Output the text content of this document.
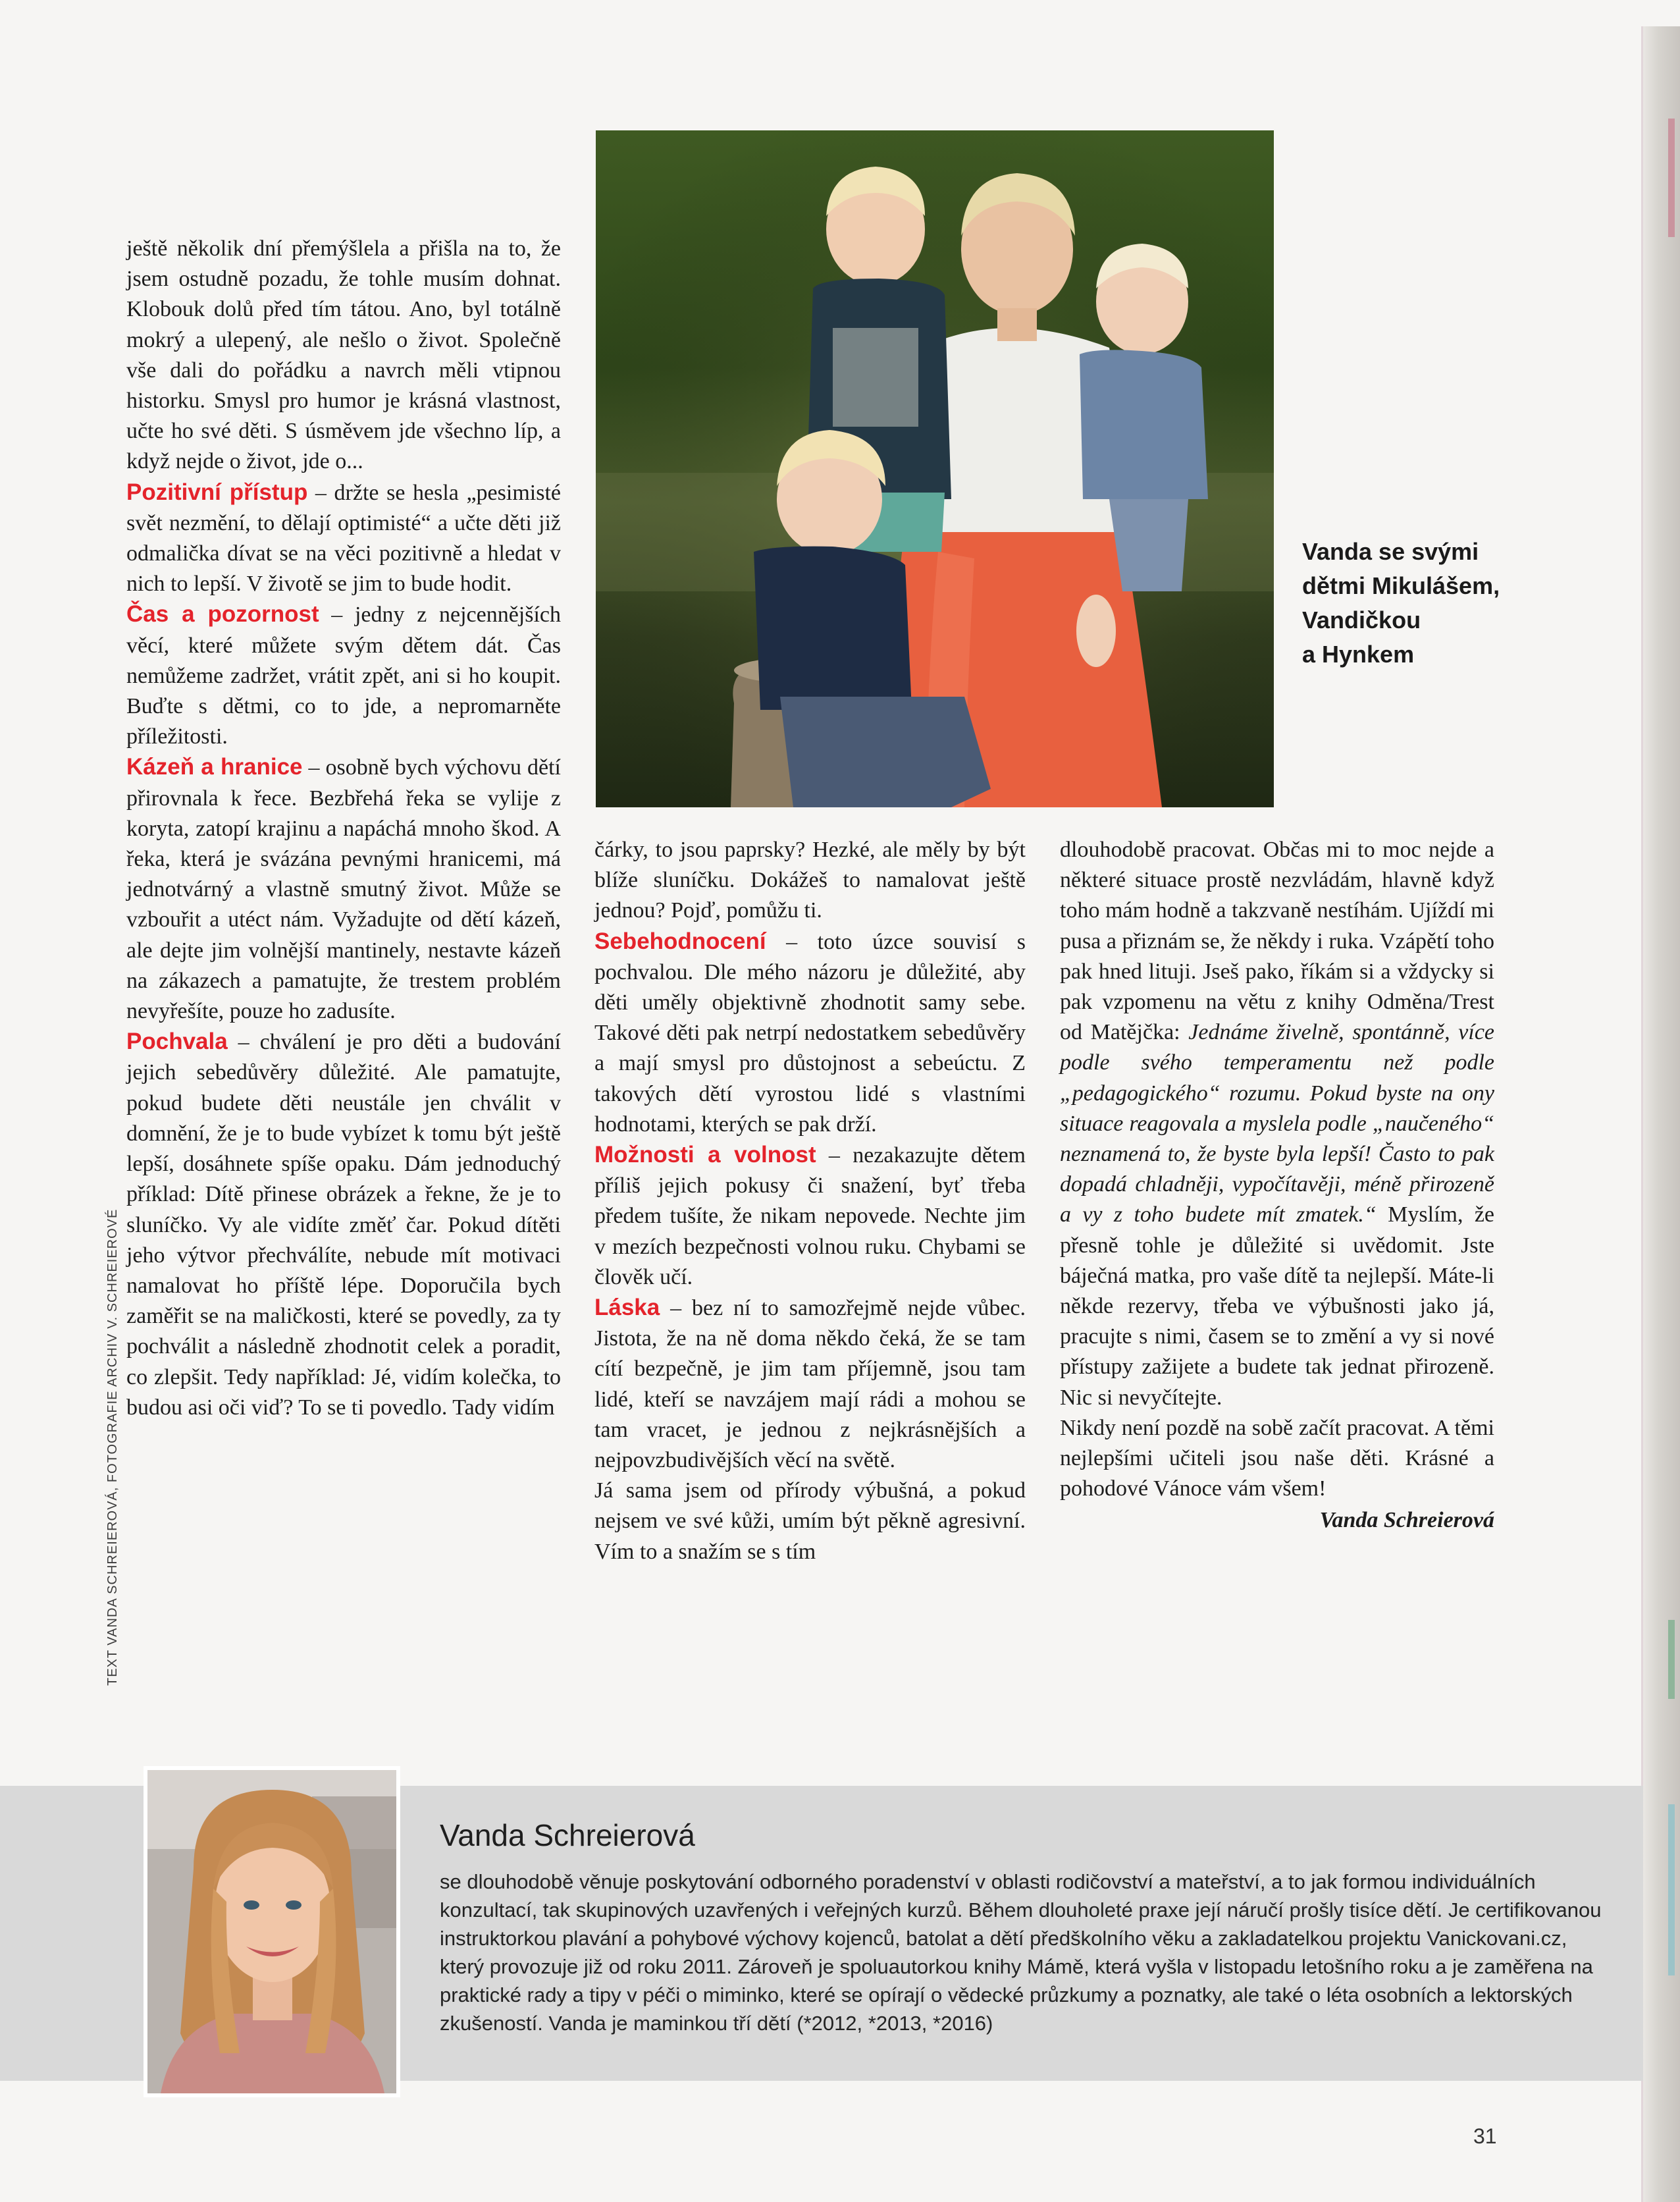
Vanda se svými
dětmi Mikulášem,
Vandičkou
a Hynkem

ještě několik dní přemýšlela a přišla na to, že jsem ostudně pozadu, že tohle musím dohnat. Klobouk dolů před tím tátou. Ano, byl totálně mokrý a ulepený, ale nešlo o život. Společně vše dali do pořádku a navrch měli vtipnou historku. Smysl pro humor je krásná vlastnost, učte ho své děti. S úsměvem jde všechno líp, a když nejde o život, jde o...

Pozitivní přístup – držte se hesla „pesimisté svět nezmění, to dělají optimisté“ a učte děti již odmalička dívat se na věci pozitivně a hledat v nich to lepší. V životě se jim to bude hodit.

Čas a pozornost – jedny z nejcennějších věcí, které můžete svým dětem dát. Čas nemůžeme zadržet, vrátit zpět, ani si ho koupit. Buďte s dětmi, co to jde, a nepromarněte příležitosti.

Kázeň a hranice – osobně bych výchovu dětí přirovnala k řece. Bezbřehá řeka se vylije z koryta, zatopí krajinu a napáchá mnoho škod. A řeka, která je svázána pevnými hranicemi, má jednotvárný a vlastně smutný život. Může se vzbouřit a utéct nám. Vyžadujte od dětí kázeň, ale dejte jim volnější mantinely, nestavte kázeň na zákazech a pamatujte, že trestem problém nevyřešíte, pouze ho zadusíte.

Pochvala – chválení je pro děti a budování jejich sebedůvěry důležité. Ale pamatujte, pokud budete děti neustále jen chválit v domnění, že je to bude vybízet k tomu být ještě lepší, dosáhnete spíše opaku. Dám jednoduchý příklad: Dítě přinese obrázek a řekne, že je to sluníčko. Vy ale vidíte změť čar. Pokud dítěti jeho výtvor přechválíte, nebude mít motivaci namalovat ho příště lépe. Doporučila bych zaměřit se na maličkosti, které se povedly, za ty pochválit a následně zhodnotit celek a poradit, co zlepšit. Tedy například: Jé, vidím kolečka, to budou asi oči viď? To se ti povedlo. Tady vidím

TEXT VANDA SCHREIEROVÁ, FOTOGRAFIE ARCHIV V. SCHREIEROVÉ

čárky, to jsou paprsky? Hezké, ale měly by být blíže sluníčku. Dokážeš to namalovat ještě jednou? Pojď, pomůžu ti.

Sebehodnocení – toto úzce souvisí s pochvalou. Dle mého názoru je důležité, aby děti uměly objektivně zhodnotit samy sebe. Takové děti pak netrpí nedostatkem sebedůvěry a mají smysl pro důstojnost a sebeúctu. Z takových dětí vyrostou lidé s vlastními hodnotami, kterých se pak drží.

Možnosti a volnost – nezakazujte dětem příliš jejich pokusy či snažení, byť třeba předem tušíte, že nikam nepovede. Nechte jim v mezích bezpečnosti volnou ruku. Chybami se člověk učí.

Láska – bez ní to samozřejmě nejde vůbec. Jistota, že na ně doma někdo čeká, že se tam cítí bezpečně, je jim tam příjemně, jsou tam lidé, kteří se navzájem mají rádi a mohou se tam vracet, je jednou z nejkrásnějších a nejpovzbudivějších věcí na světě.

Já sama jsem od přírody výbušná, a pokud nejsem ve své kůži, umím být pěkně agresivní. Vím to a snažím se s tím

dlouhodobě pracovat. Občas mi to moc nejde a některé situace prostě nezvládám, hlavně když toho mám hodně a takzvaně nestíhám. Ujíždí mi pusa a přiznám se, že někdy i ruka. Vzápětí toho pak hned lituji. Jseš pako, říkám si a vždycky si pak vzpomenu na větu z knihy Odměna/Trest od Matějčka: Jednáme živelně, spontánně, více podle svého temperamentu než podle „pedagogického“ rozumu. Pokud byste na ony situace reagovala a myslela podle „naučeného“ neznamená to, že byste byla lepší! Často to pak dopadá chladněji, vypočítavěji, méně přirozeně a vy z toho budete mít zmatek.“ Myslím, že přesně tohle je důležité si uvědomit. Jste báječná matka, pro vaše dítě ta nejlepší. Máte-li někde rezervy, třeba ve výbušnosti jako já, pracujte s nimi, časem se to změní a vy si nové přístupy zažijete a budete tak jednat přirozeně. Nic si nevyčítejte.

Nikdy není pozdě na sobě začít pracovat. A těmi nejlepšími učiteli jsou naše děti. Krásné a pohodové Vánoce vám všem!

Vanda Schreierová

Vanda Schreierová

se dlouhodobě věnuje poskytování odborného poradenství v oblasti rodičovství a mateřství, a to jak formou individuálních konzultací, tak skupinových uzavřených i veřejných kurzů. Během dlouholeté praxe její náručí prošly tisíce dětí. Je certifikovanou instruktorkou plavání a pohybové výchovy kojenců, batolat a dětí předškolního věku a zakladatelkou projektu Vanickovani.cz, který provozuje již od roku 2011. Zároveň je spoluautorkou knihy Mámě, která vyšla v listopadu letošního roku a je zaměřena na praktické rady a tipy v péči o miminko, které se opírají o vědecké průzkumy a poznatky, ale také o léta osobních a lektorských zkušeností. Vanda je maminkou tří dětí (*2012, *2013, *2016)

31
